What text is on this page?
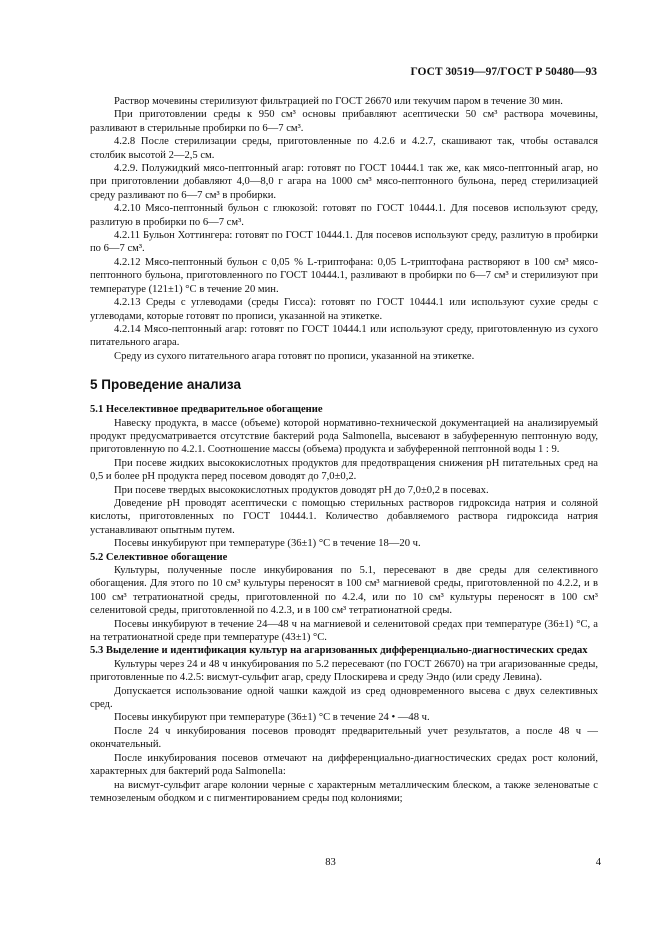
ГОСТ 30519—97/ГОСТ Р 50480—93

Раствор мочевины стерилизуют фильтрацией по ГОСТ 26670 или текучим паром в течение 30 мин.

При приготовлении среды к 950 см³ основы прибавляют асептически 50 см³ раствора мочевины, разливают в стерильные пробирки по 6—7 см³.

4.2.8 После стерилизации среды, приготовленные по 4.2.6 и 4.2.7, скашивают так, чтобы оставался столбик высотой 2—2,5 см.

4.2.9. Полужидкий мясо-пептонный агар: готовят по ГОСТ 10444.1 так же, как мясо-пептонный агар, но при приготовлении добавляют 4,0—8,0 г агара на 1000 см³ мясо-пептонного бульона, перед стерилизацией среду разливают по 6—7 см³ в пробирки.

4.2.10 Мясо-пептонный бульон с глюкозой: готовят по ГОСТ 10444.1. Для посевов используют среду, разлитую в пробирки по 6—7 см³.

4.2.11 Бульон Хоттингера: готовят по ГОСТ 10444.1. Для посевов используют среду, разлитую в пробирки по 6—7 см³.

4.2.12 Мясо-пептонный бульон с 0,05 % L-триптофана: 0,05 L-триптофана растворяют в 100 см³ мясо-пептонного бульона, приготовленного по ГОСТ 10444.1, разливают в пробирки по 6—7 см³ и стерилизуют при температуре (121±1) °С в течение 20 мин.

4.2.13 Среды с углеводами (среды Гисса): готовят по ГОСТ 10444.1 или используют сухие среды с углеводами, которые готовят по прописи, указанной на этикетке.

4.2.14 Мясо-пептонный агар: готовят по ГОСТ 10444.1 или используют среду, приготовленную из сухого питательного агара.

Среду из сухого питательного агара готовят по прописи, указанной на этикетке.

5 Проведение анализа

5.1 Неселективное предварительное обогащение

Навеску продукта, в массе (объеме) которой нормативно-технической документацией на анализируемый продукт предусматривается отсутствие бактерий рода Salmonella, высевают в забуференную пептонную воду, приготовленную по 4.2.1. Соотношение массы (объема) продукта и забуференной пептонной воды 1 : 9.

При посеве жидких высококислотных продуктов для предотвращения снижения рН питательных сред на 0,5 и более рН продукта перед посевом доводят до 7,0±0,2.

При посеве твердых высококислотных продуктов доводят рН до 7,0±0,2 в посевах.

Доведение рН проводят асептически с помощью стерильных растворов гидроксида натрия и соляной кислоты, приготовленных по ГОСТ 10444.1. Количество добавляемого раствора гидроксида натрия устанавливают опытным путем.

Посевы инкубируют при температуре (36±1) °С в течение 18—20 ч.

5.2 Селективное обогащение

Культуры, полученные после инкубирования по 5.1, пересевают в две среды для селективного обогащения. Для этого по 10 см³ культуры переносят в 100 см³ магниевой среды, приготовленной по 4.2.2, и в 100 см³ тетратионатной среды, приготовленной по 4.2.4, или по 10 см³ культуры переносят в 100 см³ селенитовой среды, приготовленной по 4.2.3, и в 100 см³ тетратионатной среды.

Посевы инкубируют в течение 24—48 ч на магниевой и селенитовой средах при температуре (36±1) °С, а на тетратионатной среде при температуре (43±1) °С.

5.3 Выделение и идентификация культур на агаризованных дифференциально-диагностических средах

Культуры через 24 и 48 ч инкубирования по 5.2 пересевают (по ГОСТ 26670) на три агаризованные среды, приготовленные по 4.2.5: висмут-сульфит агар, среду Плоскирева и среду Эндо (или среду Левина).

Допускается использование одной чашки каждой из сред одновременного высева с двух селективных сред.

Посевы инкубируют при температуре (36±1) °С в течение 24 • —48 ч.

После 24 ч инкубирования посевов проводят предварительный учет результатов, а после 48 ч — окончательный.

После инкубирования посевов отмечают на дифференциально-диагностических средах рост колоний, характерных для бактерий рода Salmonella:

на висмут-сульфит агаре колонии черные с характерным металлическим блеском, а также зеленоватые с темнозеленым ободком и с пигментированием среды под колониями;

83	4
